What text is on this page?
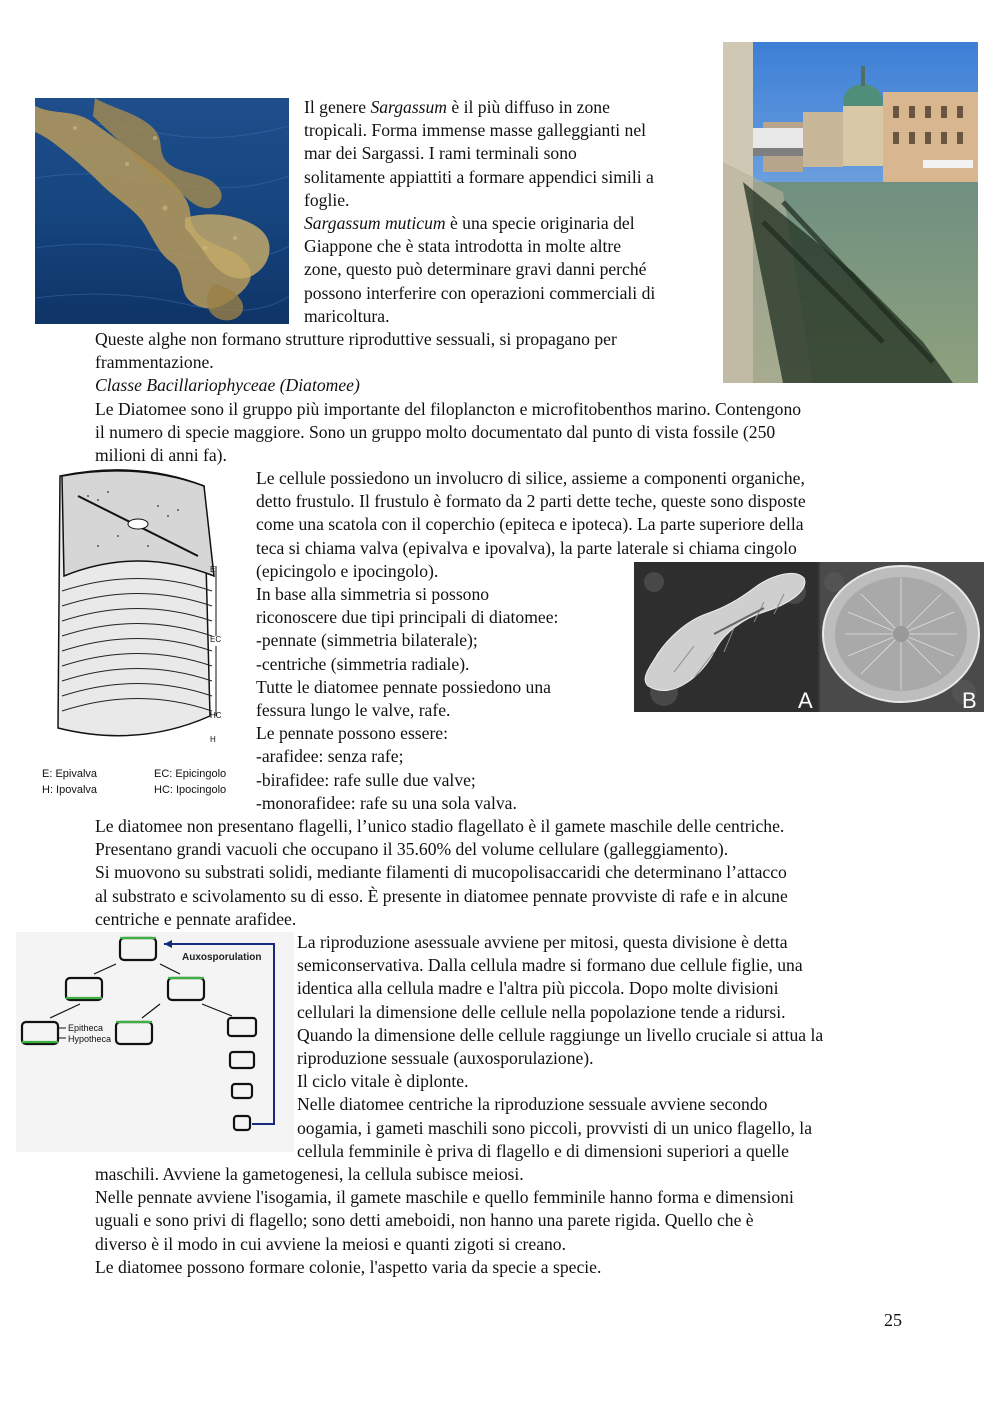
E
EC
HC
H
E: Epivalva
H: Ipovalva
EC: Epicingolo
HC: Ipocingolo
A	B
Auxosporulation
Epitheca
Hypotheca

Il genere Sargassum è il più diffuso in zone
tropicali. Forma immense masse galleggianti nel
mar dei Sargassi. I rami terminali sono
solitamente appiattiti a formare appendici simili a
foglie.
Sargassum muticum è una specie originaria del
Giappone che è stata introdotta in molte altre
zone, questo può determinare gravi danni perché
possono interferire con operazioni commerciali di
maricoltura.

Queste alghe non formano strutture riproduttive sessuali, si propagano per
frammentazione.
Classe Bacillariophyceae (Diatomee)
Le Diatomee sono il gruppo più importante del filoplancton e microfitobenthos marino. Contengono
il numero di specie maggiore. Sono un gruppo molto documentato dal punto di vista fossile (250
milioni di anni fa).

Le cellule possiedono un involucro di silice, assieme a componenti organiche,
detto frustulo. Il frustulo è formato da 2 parti dette teche, queste sono disposte
come una scatola con il coperchio (epiteca e ipoteca). La parte superiore della
teca si chiama valva (epivalva e ipovalva), la parte laterale si chiama cingolo
(epicingolo e ipocingolo).
In base alla simmetria si possono
riconoscere due tipi principali di diatomee:
-pennate (simmetria bilaterale);
-centriche (simmetria radiale).
Tutte le diatomee pennate possiedono una
fessura lungo le valve, rafe.
Le pennate possono essere:
-arafidee: senza rafe;
-birafidee: rafe sulle due valve;
-monorafidee: rafe su una sola valva.

Le diatomee non presentano flagelli, l’unico stadio flagellato è il gamete maschile delle centriche.
Presentano grandi vacuoli che occupano il 35.60% del volume cellulare (galleggiamento).
Si muovono su substrati solidi, mediante filamenti di mucopolisaccaridi che determinano l’attacco
al substrato e scivolamento su di esso. È presente in diatomee pennate provviste di rafe e in alcune
centriche e pennate arafidee.

La riproduzione asessuale avviene per mitosi, questa divisione è detta
semiconservativa. Dalla cellula madre si formano due cellule figlie, una
identica alla cellula madre e l'altra più piccola. Dopo molte divisioni
cellulari la dimensione delle cellule nella popolazione tende a ridursi.
Quando la dimensione delle cellule raggiunge un livello cruciale si attua la
riproduzione sessuale (auxosporulazione).
Il ciclo vitale è diplonte.
Nelle diatomee centriche la riproduzione sessuale avviene secondo
oogamia, i gameti maschili sono piccoli, provvisti di un unico flagello, la
cellula femminile è priva di flagello e di dimensioni superiori a quelle

maschili. Avviene la gametogenesi, la cellula subisce meiosi.
Nelle pennate avviene l'isogamia, il gamete maschile e quello femminile hanno forma e dimensioni
uguali e sono privi di flagello; sono detti ameboidi, non hanno una parete rigida. Quello che è
diverso è il modo in cui avviene la meiosi e quanti zigoti si creano.
Le diatomee possono formare colonie, l'aspetto varia da specie a specie.

25
